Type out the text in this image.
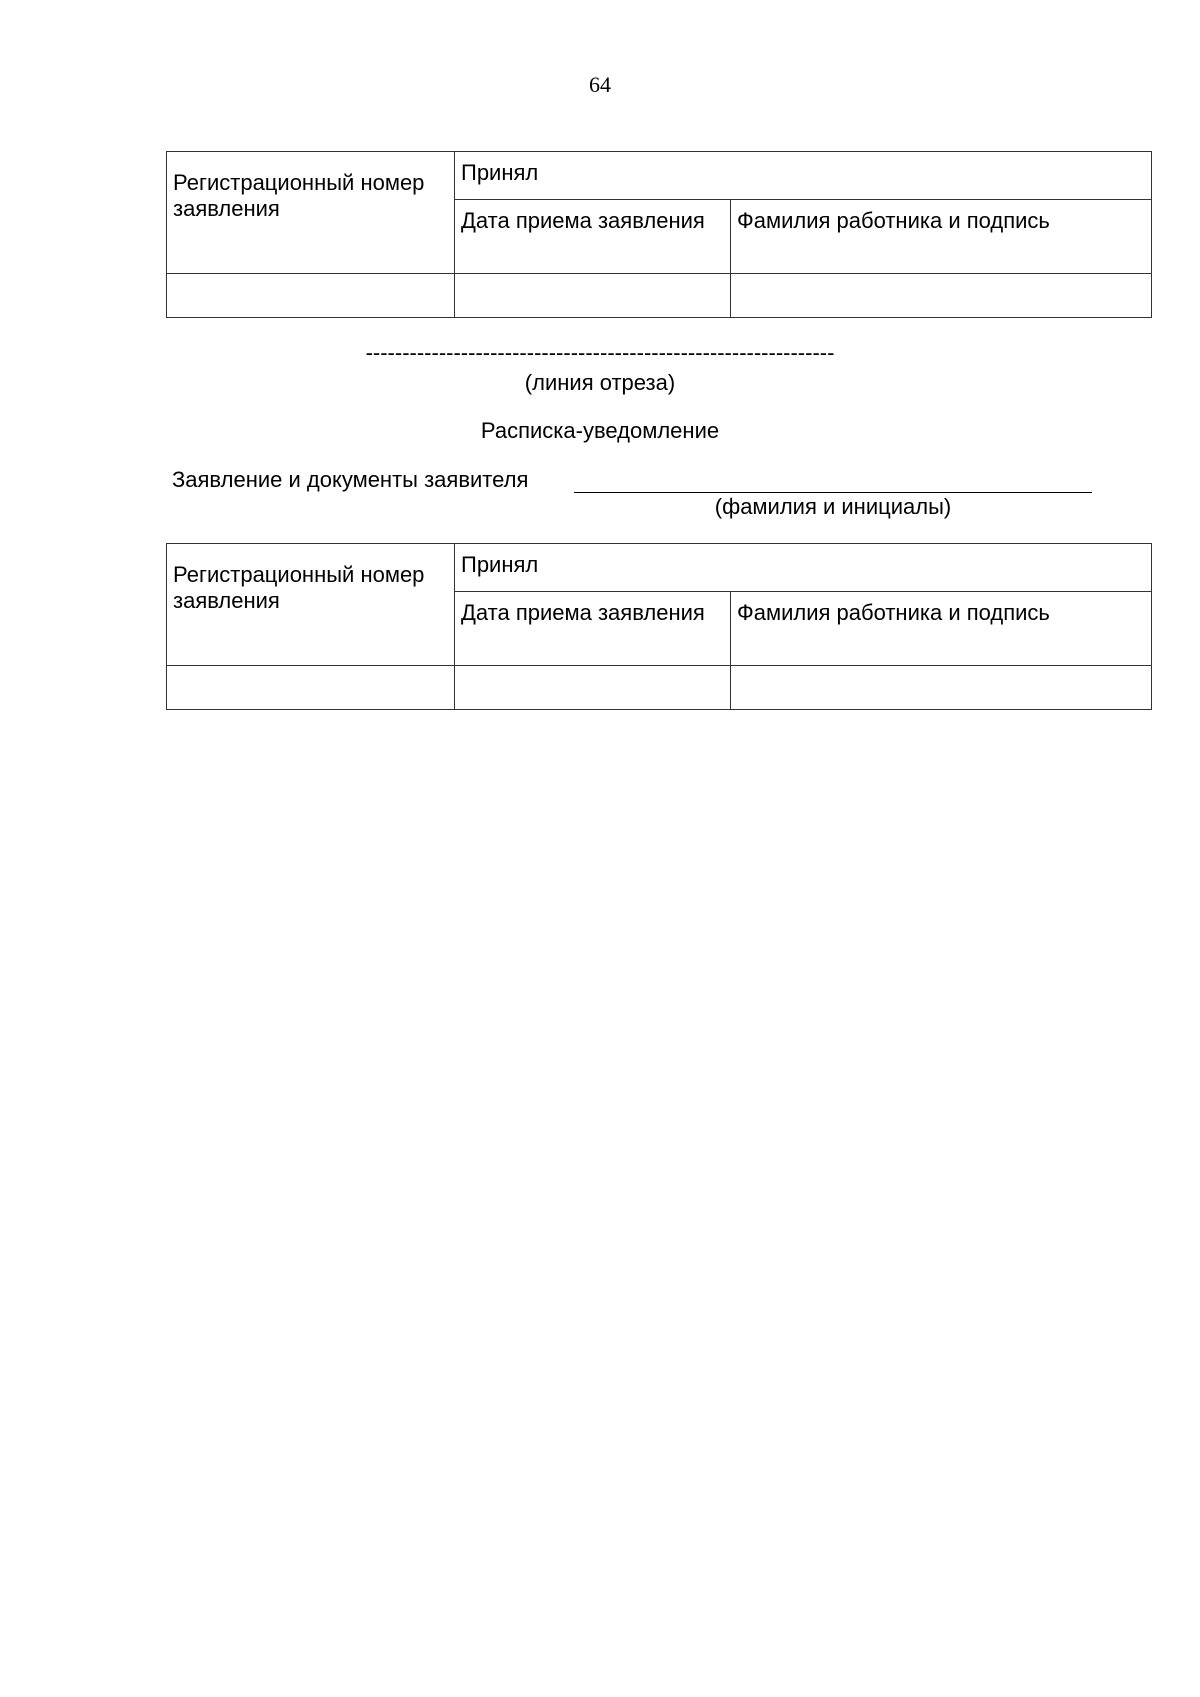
64
Регистрационный номер заявления	Принял	
	Дата приема заявления	Фамилия работника и подпись

----------------------------------------------------------------
(линия отреза)
Расписка-уведомление
Заявление и документы заявителя
(фамилия и инициалы)
Регистрационный номер заявления	Принял	
	Дата приема заявления	Фамилия работника и подпись
